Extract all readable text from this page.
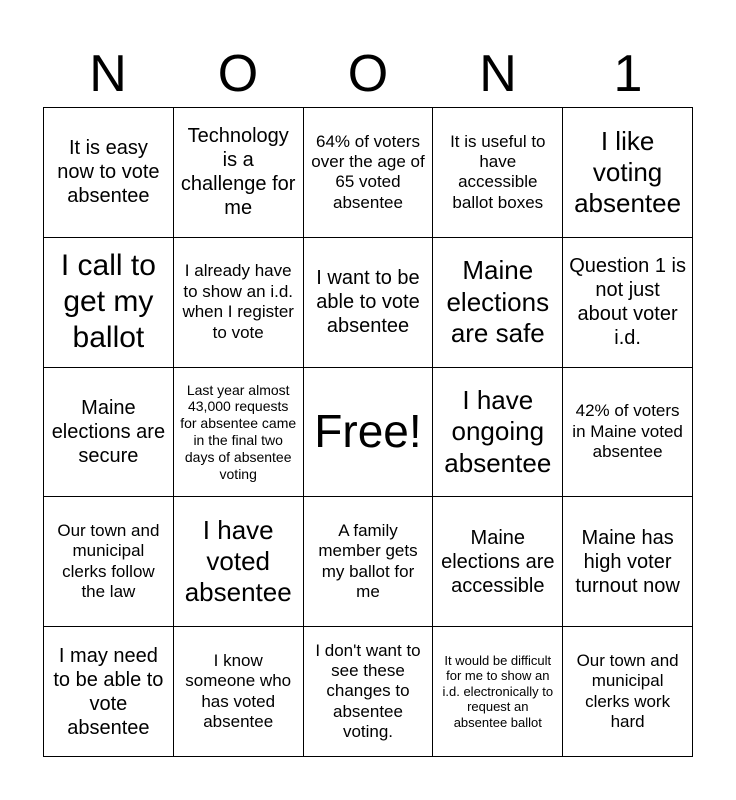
N	O	O	N	1
It is easy now to vote absentee
Technology is a challenge for me
64% of voters over the age of 65 voted absentee
It is useful to have accessible ballot boxes
I like voting absentee
I call to get my ballot
I already have to show an i.d. when I register to vote
I want to be able to vote absentee
Maine elections are safe
Question 1 is not just about voter i.d.
Maine elections are secure
Last year almost 43,000 requests for absentee came in the final two days of absentee voting
Free!
I have ongoing absentee
42% of voters in Maine voted absentee
Our town and municipal clerks follow the law
I have voted absentee
A family member gets my ballot for me
Maine elections are accessible
Maine has high voter turnout now
I may need to be able to vote absentee
I know someone who has voted absentee
I don't want to see these changes to absentee voting.
It would be difficult for me to show an i.d. electronically to request an absentee ballot
Our town and municipal clerks work hard
